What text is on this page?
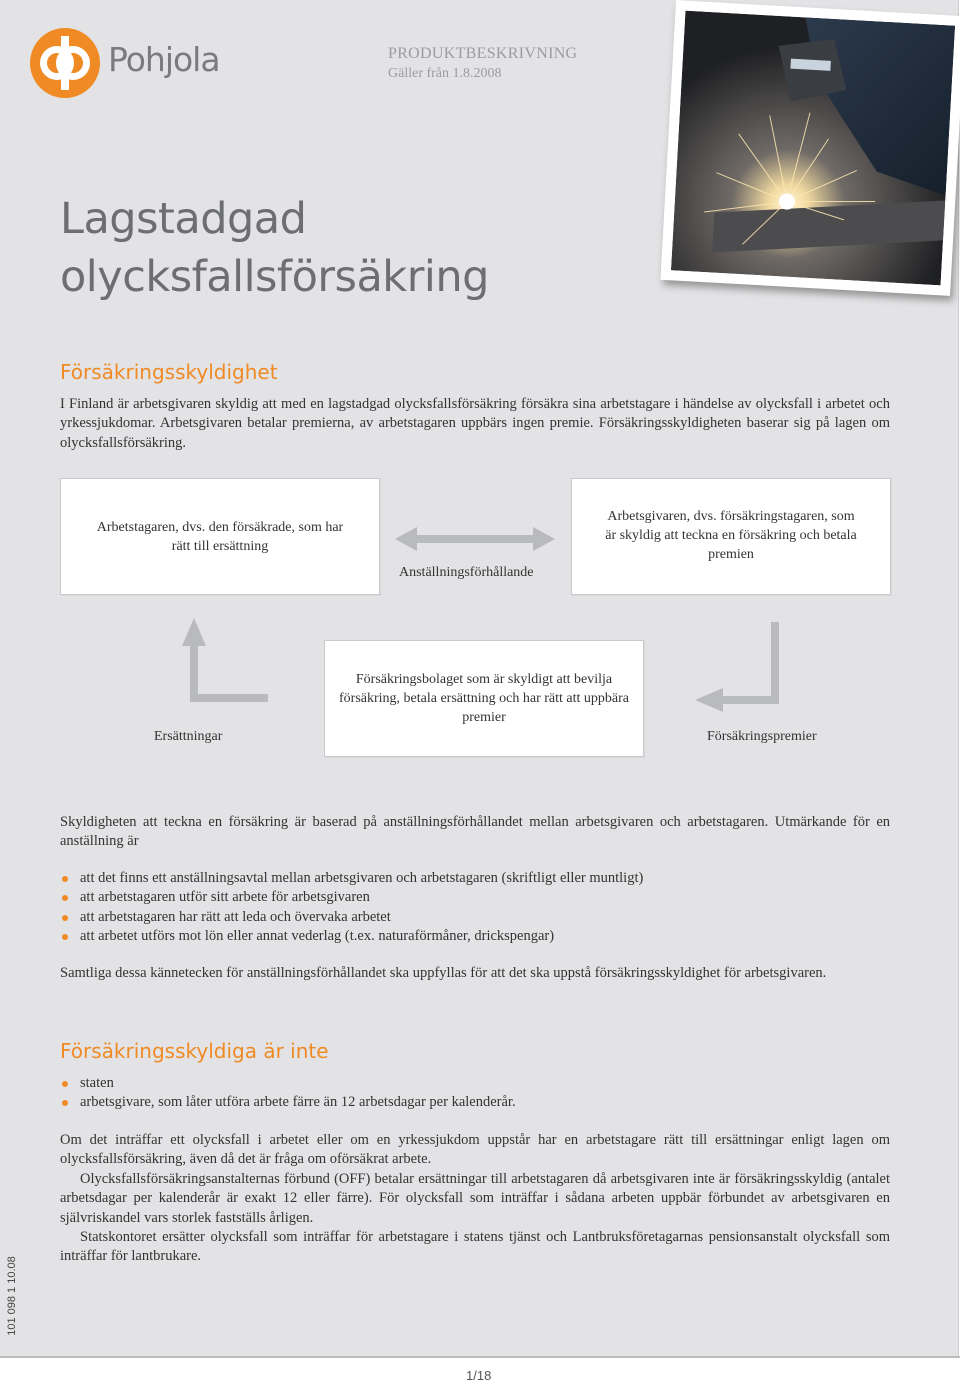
Pohjola	PRODUKTBESKRIVNING
Gäller från 1.8.2008
Lagstadgad
olycksfallsförsäkring
Försäkringsskyldighet

I Finland är arbetsgivaren skyldig att med en lagstadgad olycksfallsförsäkring försäkra sina arbetstagare i händelse av olycksfall i arbetet och yrkessjukdomar. Arbetsgivaren betalar premierna, av arbetstagaren uppbärs ingen premie. Försäkringsskyldigheten baserar sig på lagen om olycksfallsförsäkring.

Arbetstagaren, dvs. den försäkrade, som har rätt till ersättning
Arbetsgivaren, dvs. försäkringstagaren, som är skyldig att teckna en försäkring och betala premien
Anställningsförhållande
Försäkringsbolaget som är skyldigt att bevilja försäkring, betala ersättning och har rätt att uppbära premier
Ersättningar	Försäkringspremier

Skyldigheten att teckna en försäkring är baserad på anställningsförhållandet mellan arbetsgivaren och arbetstagaren. Utmärkande för en anställning är

att det finns ett anställningsavtal mellan arbetsgivaren och arbetstagaren (skriftligt eller muntligt)
att arbetstagaren utför sitt arbete för arbetsgivaren
att arbetstagaren har rätt att leda och övervaka arbetet
att arbetet utförs mot lön eller annat vederlag (t.ex. naturaförmåner, drickspengar)

Samtliga dessa kännetecken för anställningsförhållandet ska uppfyllas för att det ska uppstå försäkringsskyldighet för arbetsgivaren.

Försäkringsskyldiga är inte
staten
arbetsgivare, som låter utföra arbete färre än 12 arbetsdagar per kalenderår.

Om det inträffar ett olycksfall i arbetet eller om en yrkessjukdom uppstår har en arbetstagare rätt till ersättningar enligt lagen om olycksfallsförsäkring, även då det är fråga om oförsäkrat arbete.

Olycksfallsförsäkringsanstalternas förbund (OFF) betalar ersättningar till arbetstagaren då arbetsgivaren inte är försäkringsskyldig (antalet arbetsdagar per kalenderår är exakt 12 eller färre). För olycksfall som inträffar i sådana arbeten uppbär förbundet av arbetsgivaren en självriskandel vars storlek fastställs årligen.

Statskontoret ersätter olycksfall som inträffar för arbetstagare i statens tjänst och Lantbruksföretagarnas pensionsanstalt olycksfall som inträffar för lantbrukare.

101 098 1 10.08
1/18
